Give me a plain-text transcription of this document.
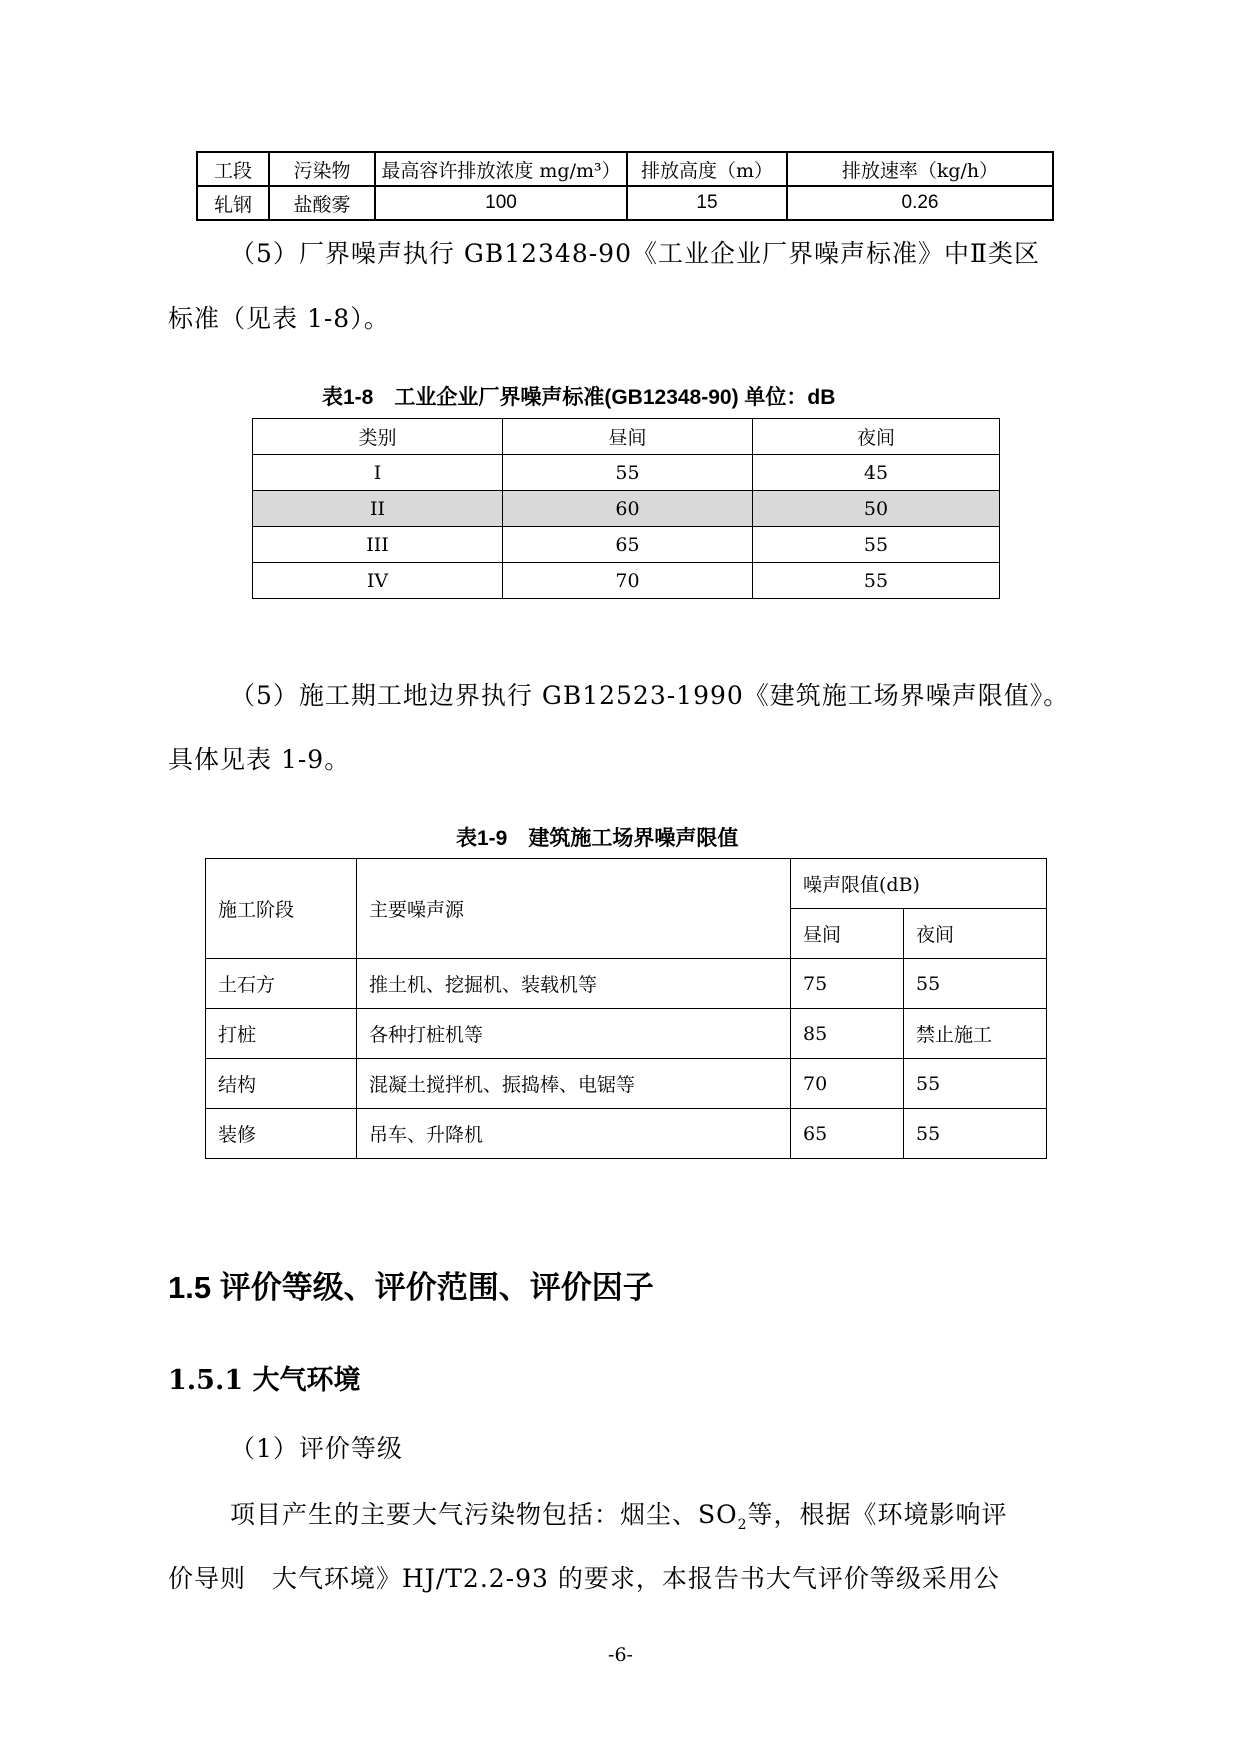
工段	污染物	最高容许排放浓度 mg/m³）	排放高度（m）	排放速率（kg/h）
轧钢	盐酸雾	100	15	0.26
（5）厂界噪声执行 GB12348-90《工业企业厂界噪声标准》中Ⅱ类区
标准（见表 1-8）。
表1-8　工业企业厂界噪声标准(GB12348-90) 单位：dB
类别	昼间	夜间
I	55	45
II	60	50
III	65	55
IV	70	55
（5）施工期工地边界执行 GB12523-1990《建筑施工场界噪声限值》。
具体见表 1-9。
表1-9　建筑施工场界噪声限值
施工阶段	主要噪声源	噪声限值(dB)	
		昼间	夜间
土石方	推土机、挖掘机、装载机等	75	55
打桩	各种打桩机等	85	禁止施工
结构	混凝土搅拌机、振捣棒、电锯等	70	55
装修	吊车、升降机	65	55
1.5 评价等级、评价范围、评价因子
1.5.1 大气环境
（1）评价等级
项目产生的主要大气污染物包括：烟尘、$SO_2$等，根据《环境影响评
价导则　大气环境》HJ/T2.2-93 的要求，本报告书大气评价等级采用公
-6-
